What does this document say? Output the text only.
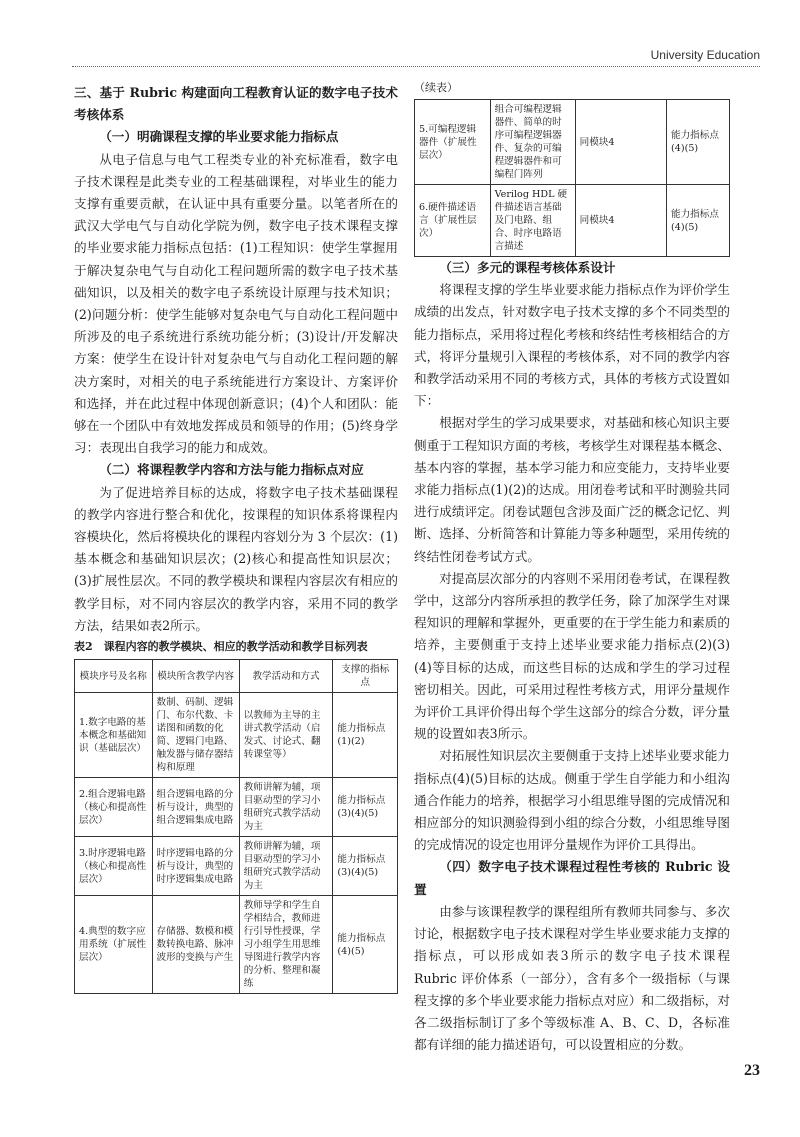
University Education
三、基于 Rubric 构建面向工程教育认证的数字电子技术考核体系
（一）明确课程支撑的毕业要求能力指标点

从电子信息与电气工程类专业的补充标准看，数字电子技术课程是此类专业的工程基础课程，对毕业生的能力支撑有重要贡献，在认证中具有重要分量。以笔者所在的武汉大学电气与自动化学院为例，数字电子技术课程支撑的毕业要求能力指标点包括：(1)工程知识：使学生掌握用于解决复杂电气与自动化工程问题所需的数字电子技术基础知识，以及相关的数字电子系统设计原理与技术知识；(2)问题分析：使学生能够对复杂电气与自动化工程问题中所涉及的电子系统进行系统功能分析；(3)设计/开发解决方案：使学生在设计针对复杂电气与自动化工程问题的解决方案时，对相关的电子系统能进行方案设计、方案评价和选择，并在此过程中体现创新意识；(4)个人和团队：能够在一个团队中有效地发挥成员和领导的作用；(5)终身学习：表现出自我学习的能力和成效。

（二）将课程教学内容和方法与能力指标点对应

为了促进培养目标的达成，将数字电子技术基础课程的教学内容进行整合和优化，按课程的知识体系将课程内容模块化，然后将模块化的课程内容划分为 3 个层次：(1)基本概念和基础知识层次；(2)核心和提高性知识层次；(3)扩展性层次。不同的教学模块和课程内容层次有相应的教学目标，对不同内容层次的教学内容，采用不同的教学方法，结果如表2所示。

表2　课程内容的教学模块、相应的教学活动和教学目标列表
模块序号及名称	模块所含教学内容	教学活动和方式	支撑的指标点
1.数字电路的基本概念和基础知识（基础层次）	数制、码制、逻辑门、布尔代数、卡诺图和函数的化简、逻辑门电路、触发器与储存器结构和原理	以教师为主导的主讲式教学活动（启发式、讨论式、翻转课堂等）	能力指标点(1)(2)
2.组合逻辑电路（核心和提高性层次）	组合逻辑电路的分析与设计，典型的组合逻辑集成电路	教师讲解为辅，项目驱动型的学习小组研究式教学活动为主	能力指标点(3)(4)(5)
3.时序逻辑电路（核心和提高性层次）	时序逻辑电路的分析与设计，典型的时序逻辑集成电路	教师讲解为辅，项目驱动型的学习小组研究式教学活动为主	能力指标点(3)(4)(5)
4.典型的数字应用系统（扩展性层次）	存储器、数模和模数转换电路、脉冲波形的变换与产生	教师导学和学生自学相结合，教师进行引导性授课，学习小组学生用思维导图进行教学内容的分析、整理和凝练	能力指标点(4)(5)
（续表）
5.可编程逻辑器件（扩展性层次）	组合可编程逻辑器件、简单的时序可编程逻辑器件、复杂的可编程逻辑器件和可编程门阵列	同模块4	能力指标点(4)(5)
6.硬件描述语言（扩展性层次）	Verilog HDL 硬件描述语言基础及门电路、组合、时序电路语言描述	同模块4	能力指标点(4)(5)
（三）多元的课程考核体系设计

将课程支撑的学生毕业要求能力指标点作为评价学生成绩的出发点，针对数字电子技术支撑的多个不同类型的能力指标点，采用将过程化考核和终结性考核相结合的方式，将评分量规引入课程的考核体系，对不同的教学内容和教学活动采用不同的考核方式，具体的考核方式设置如下：

根据对学生的学习成果要求，对基础和核心知识主要侧重于工程知识方面的考核，考核学生对课程基本概念、基本内容的掌握，基本学习能力和应变能力，支持毕业要求能力指标点(1)(2)的达成。用闭卷考试和平时测验共同进行成绩评定。闭卷试题包含涉及面广泛的概念记忆、判断、选择、分析简答和计算能力等多种题型，采用传统的终结性闭卷考试方式。

对提高层次部分的内容则不采用闭卷考试，在课程教学中，这部分内容所承担的教学任务，除了加深学生对课程知识的理解和掌握外，更重要的在于学生能力和素质的培养，主要侧重于支持上述毕业要求能力指标点(2)(3)(4)等目标的达成，而这些目标的达成和学生的学习过程密切相关。因此，可采用过程性考核方式，用评分量规作为评价工具评价得出每个学生这部分的综合分数，评分量规的设置如表3所示。

对拓展性知识层次主要侧重于支持上述毕业要求能力指标点(4)(5)目标的达成。侧重于学生自学能力和小组沟通合作能力的培养，根据学习小组思维导图的完成情况和相应部分的知识测验得到小组的综合分数，小组思维导图的完成情况的设定也用评分量规作为评价工具得出。

（四）数字电子技术课程过程性考核的 Rubric 设置

由参与该课程教学的课程组所有教师共同参与、多次讨论，根据数字电子技术课程对学生毕业要求能力支撑的指标点，可以形成如表3所示的数字电子技术课程 Rubric 评价体系（一部分），含有多个一级指标（与课程支撑的多个毕业要求能力指标点对应）和二级指标，对各二级指标制订了多个等级标准 A、B、C、D，各标准都有详细的能力描述语句，可以设置相应的分数。

23
